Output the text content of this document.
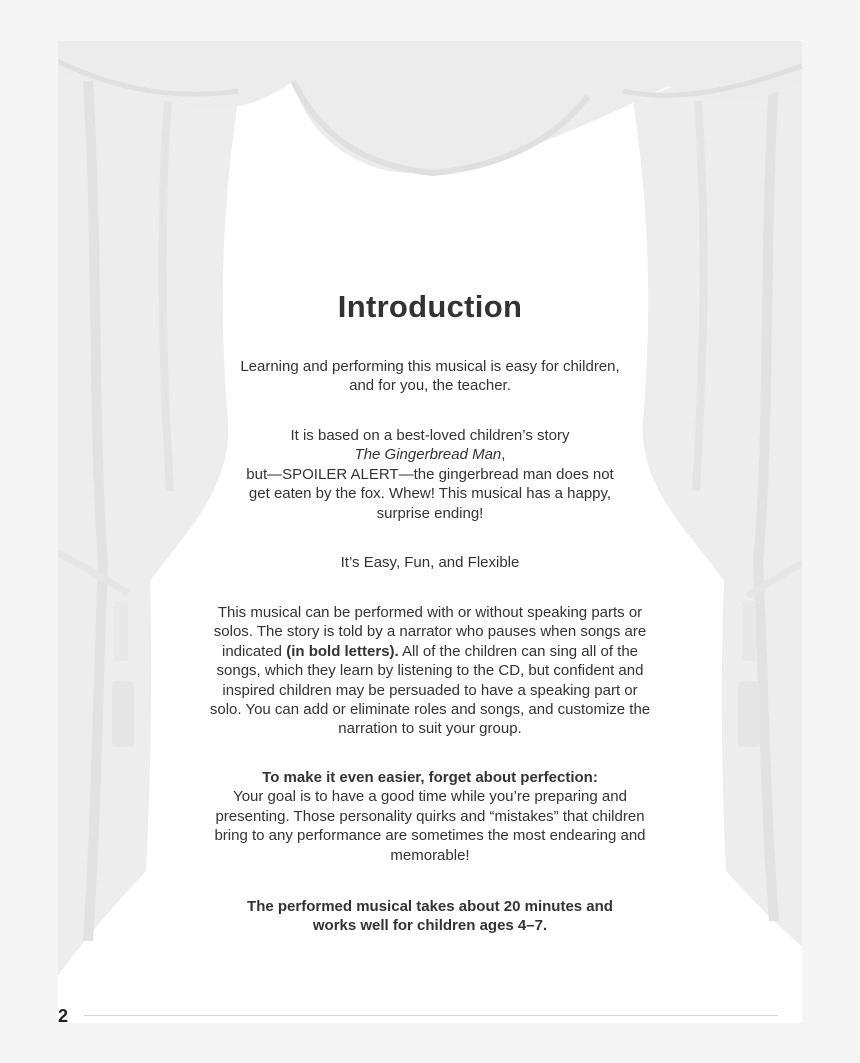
Introduction

Learning and performing this musical is easy for children,
and for you, the teacher.

It is based on a best-loved children’s story
The Gingerbread Man,
but—SPOILER ALERT—the gingerbread man does not
get eaten by the fox. Whew! This musical has a happy,
surprise ending!

It’s Easy, Fun, and Flexible

This musical can be performed with or without speaking parts or
solos. The story is told by a narrator who pauses when songs are
indicated (in bold letters). All of the children can sing all of the
songs, which they learn by listening to the CD, but confident and
inspired children may be persuaded to have a speaking part or
solo. You can add or eliminate roles and songs, and customize the
narration to suit your group.

To make it even easier, forget about perfection:
Your goal is to have a good time while you’re preparing and
presenting. Those personality quirks and “mistakes” that children
bring to any performance are sometimes the most endearing and
memorable!

The performed musical takes about 20 minutes and
works well for children ages 4–7.

2
